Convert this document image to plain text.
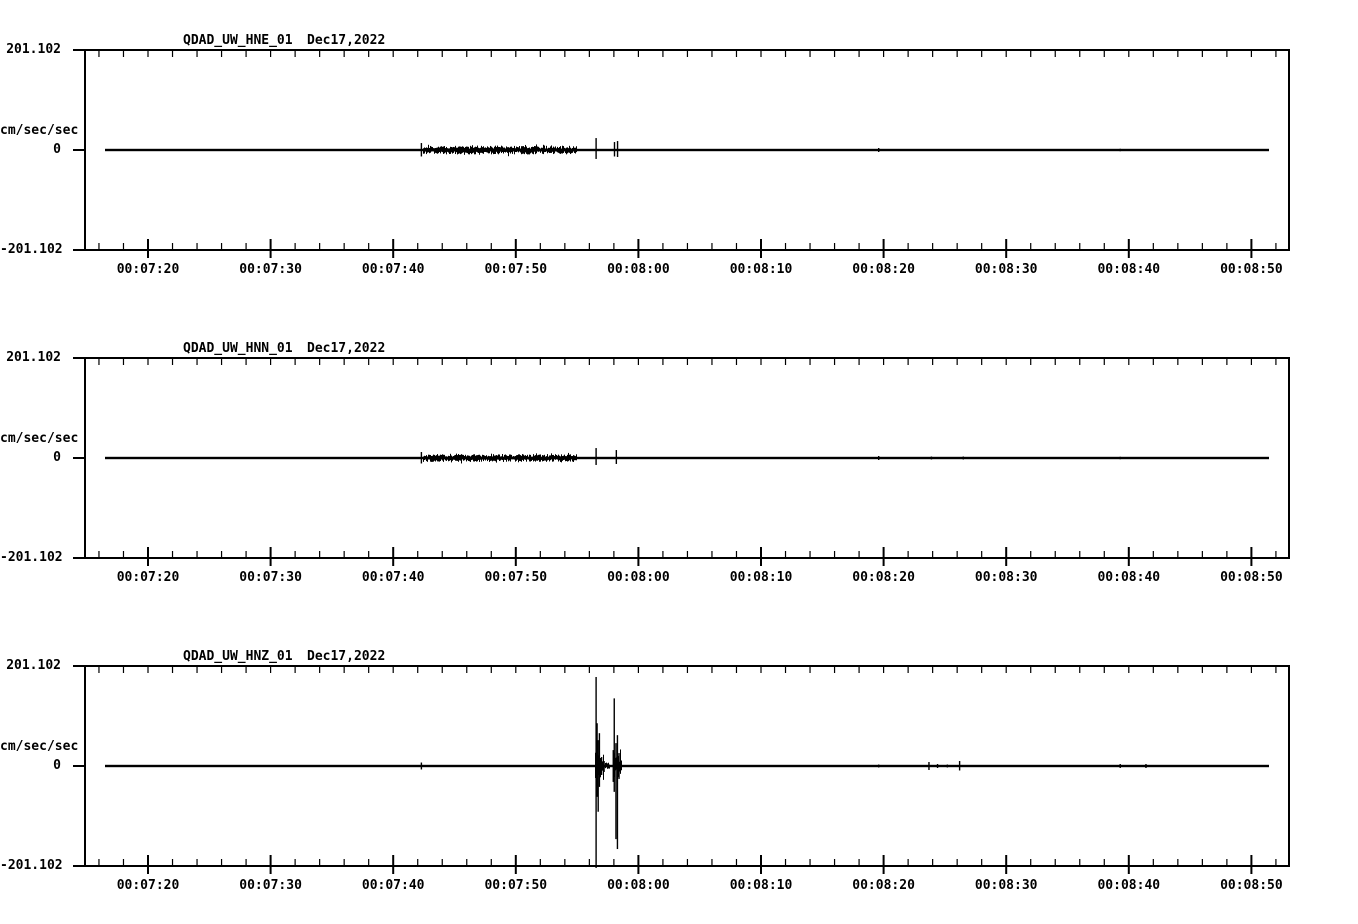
QDAD_UW_HNE_01 Dec17,2022
201.102
cm/sec/sec
0
-201.102
QDAD_UW_HNN_01 Dec17,2022
201.102
cm/sec/sec
0
-201.102
QDAD_UW_HNZ_01 Dec17,2022
201.102
cm/sec/sec
0
-201.102
00:07:20	00:07:30	00:07:40	00:07:50	00:08:00	00:08:10	00:08:20	00:08:30	00:08:40	00:08:50
00:07:20	00:07:30	00:07:40	00:07:50	00:08:00	00:08:10	00:08:20	00:08:30	00:08:40	00:08:50
00:07:20	00:07:30	00:07:40	00:07:50	00:08:00	00:08:10	00:08:20	00:08:30	00:08:40	00:08:50
